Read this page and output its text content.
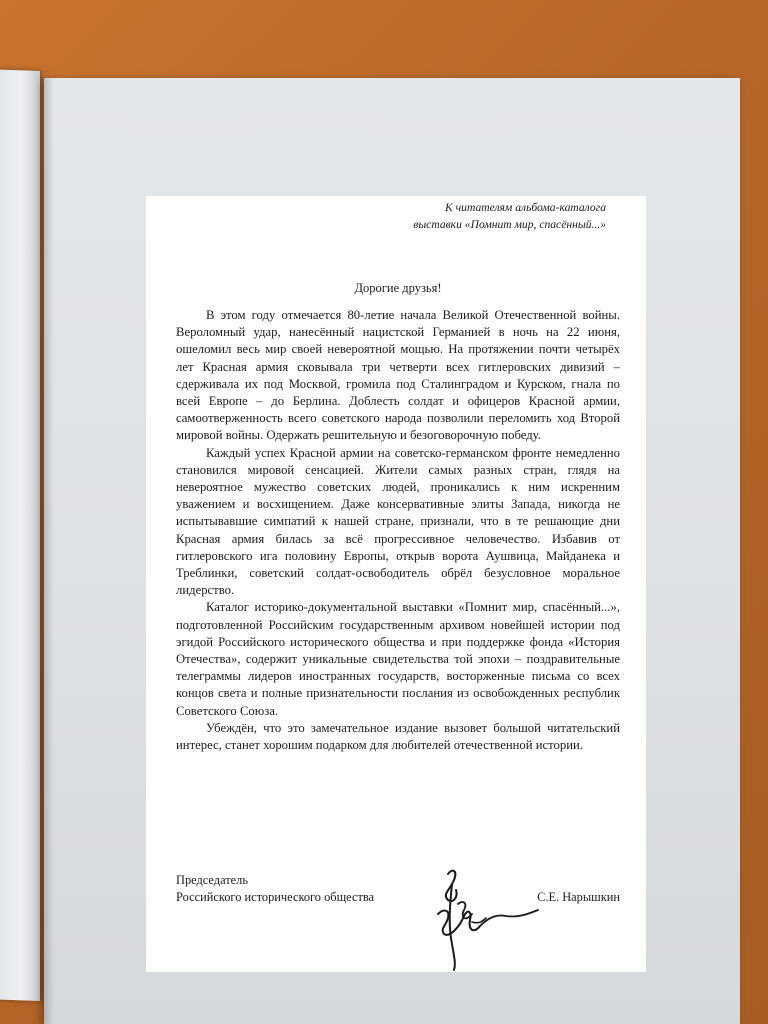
К читателям альбома-каталога
выставки «Помнит мир, спасённый...»
Дорогие друзья!

В этом году отмечается 80-летие начала Великой Отечественной войны. Вероломный удар, нанесённый нацистской Германией в ночь на 22 июня, ошеломил весь мир своей невероятной мощью. На протяжении почти четырёх лет Красная армия сковывала три четверти всех гитлеровских дивизий – сдерживала их под Москвой, громила под Сталинградом и Курском, гнала по всей Европе – до Берлина. Доблесть солдат и офицеров Красной армии, самоотверженность всего советского народа позволили переломить ход Второй мировой войны. Одержать решительную и безоговорочную победу.

Каждый успех Красной армии на советско-германском фронте немедленно становился мировой сенсацией. Жители самых разных стран, глядя на невероятное мужество советских людей, проникались к ним искренним уважением и восхищением. Даже консервативные элиты Запада, никогда не испытывавшие симпатий к нашей стране, признали, что в те решающие дни Красная армия билась за всё прогрессивное человечество. Избавив от гитлеровского ига половину Европы, открыв ворота Аушвица, Майданека и Треблинки, советский солдат-освободитель обрёл безусловное моральное лидерство.

Каталог историко-документальной выставки «Помнит мир, спасённый...», подготовленной Российским государственным архивом новейшей истории под эгидой Российского исторического общества и при поддержке фонда «История Отечества», содержит уникальные свидетельства той эпохи – поздравительные телеграммы лидеров иностранных государств, восторженные письма со всех концов света и полные признательности послания из освобожденных республик Советского Союза.

Убеждён, что это замечательное издание вызовет большой читательский интерес, станет хорошим подарком для любителей отечественной истории.

Председатель
Российского исторического общества	С.Е. Нарышкин
